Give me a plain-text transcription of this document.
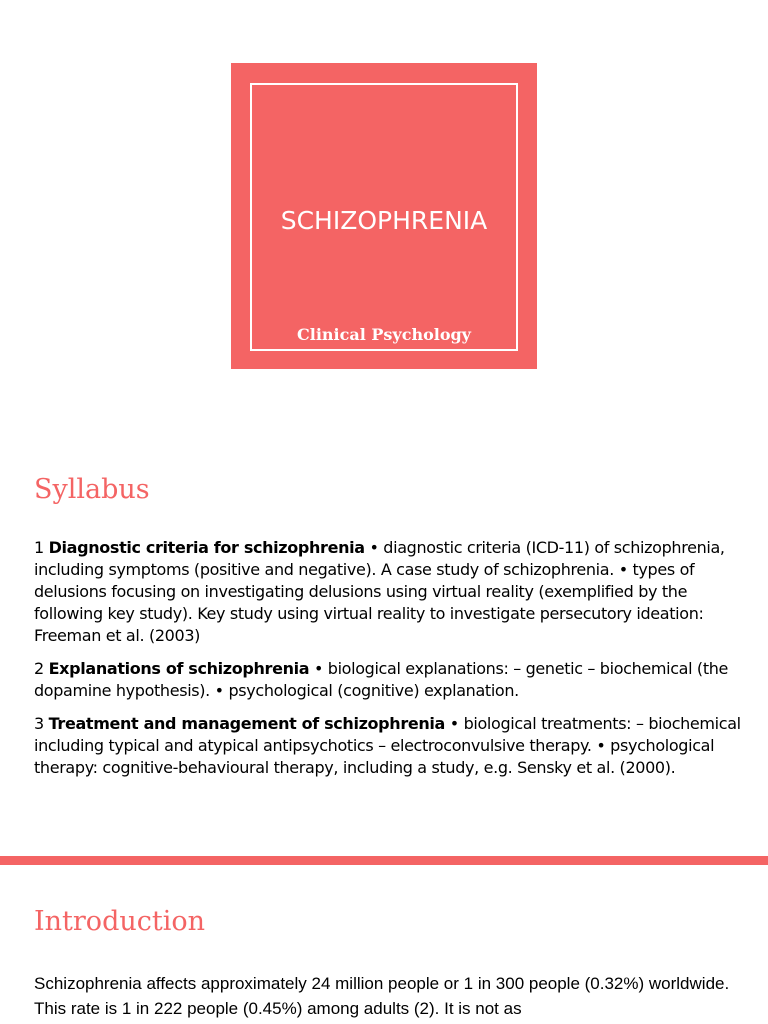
SCHIZOPHRENIA
Clinical Psychology
Syllabus

1 Diagnostic criteria for schizophrenia • diagnostic criteria (ICD-11) of schizophrenia, including symptoms (positive and negative). A case study of schizophrenia. • types of delusions focusing on investigating delusions using virtual reality (exemplified by the following key study). Key study using virtual reality to investigate persecutory ideation: Freeman et al. (2003)

2 Explanations of schizophrenia • biological explanations: – genetic – biochemical (the dopamine hypothesis). • psychological (cognitive) explanation.

3 Treatment and management of schizophrenia • biological treatments: – biochemical including typical and atypical antipsychotics – electroconvulsive therapy. • psychological therapy: cognitive-behavioural therapy, including a study, e.g. Sensky et al. (2000).

Introduction

Schizophrenia affects approximately 24 million people or 1 in 300 people (0.32%) worldwide. This rate is 1 in 222 people (0.45%) among adults (2). It is not as
